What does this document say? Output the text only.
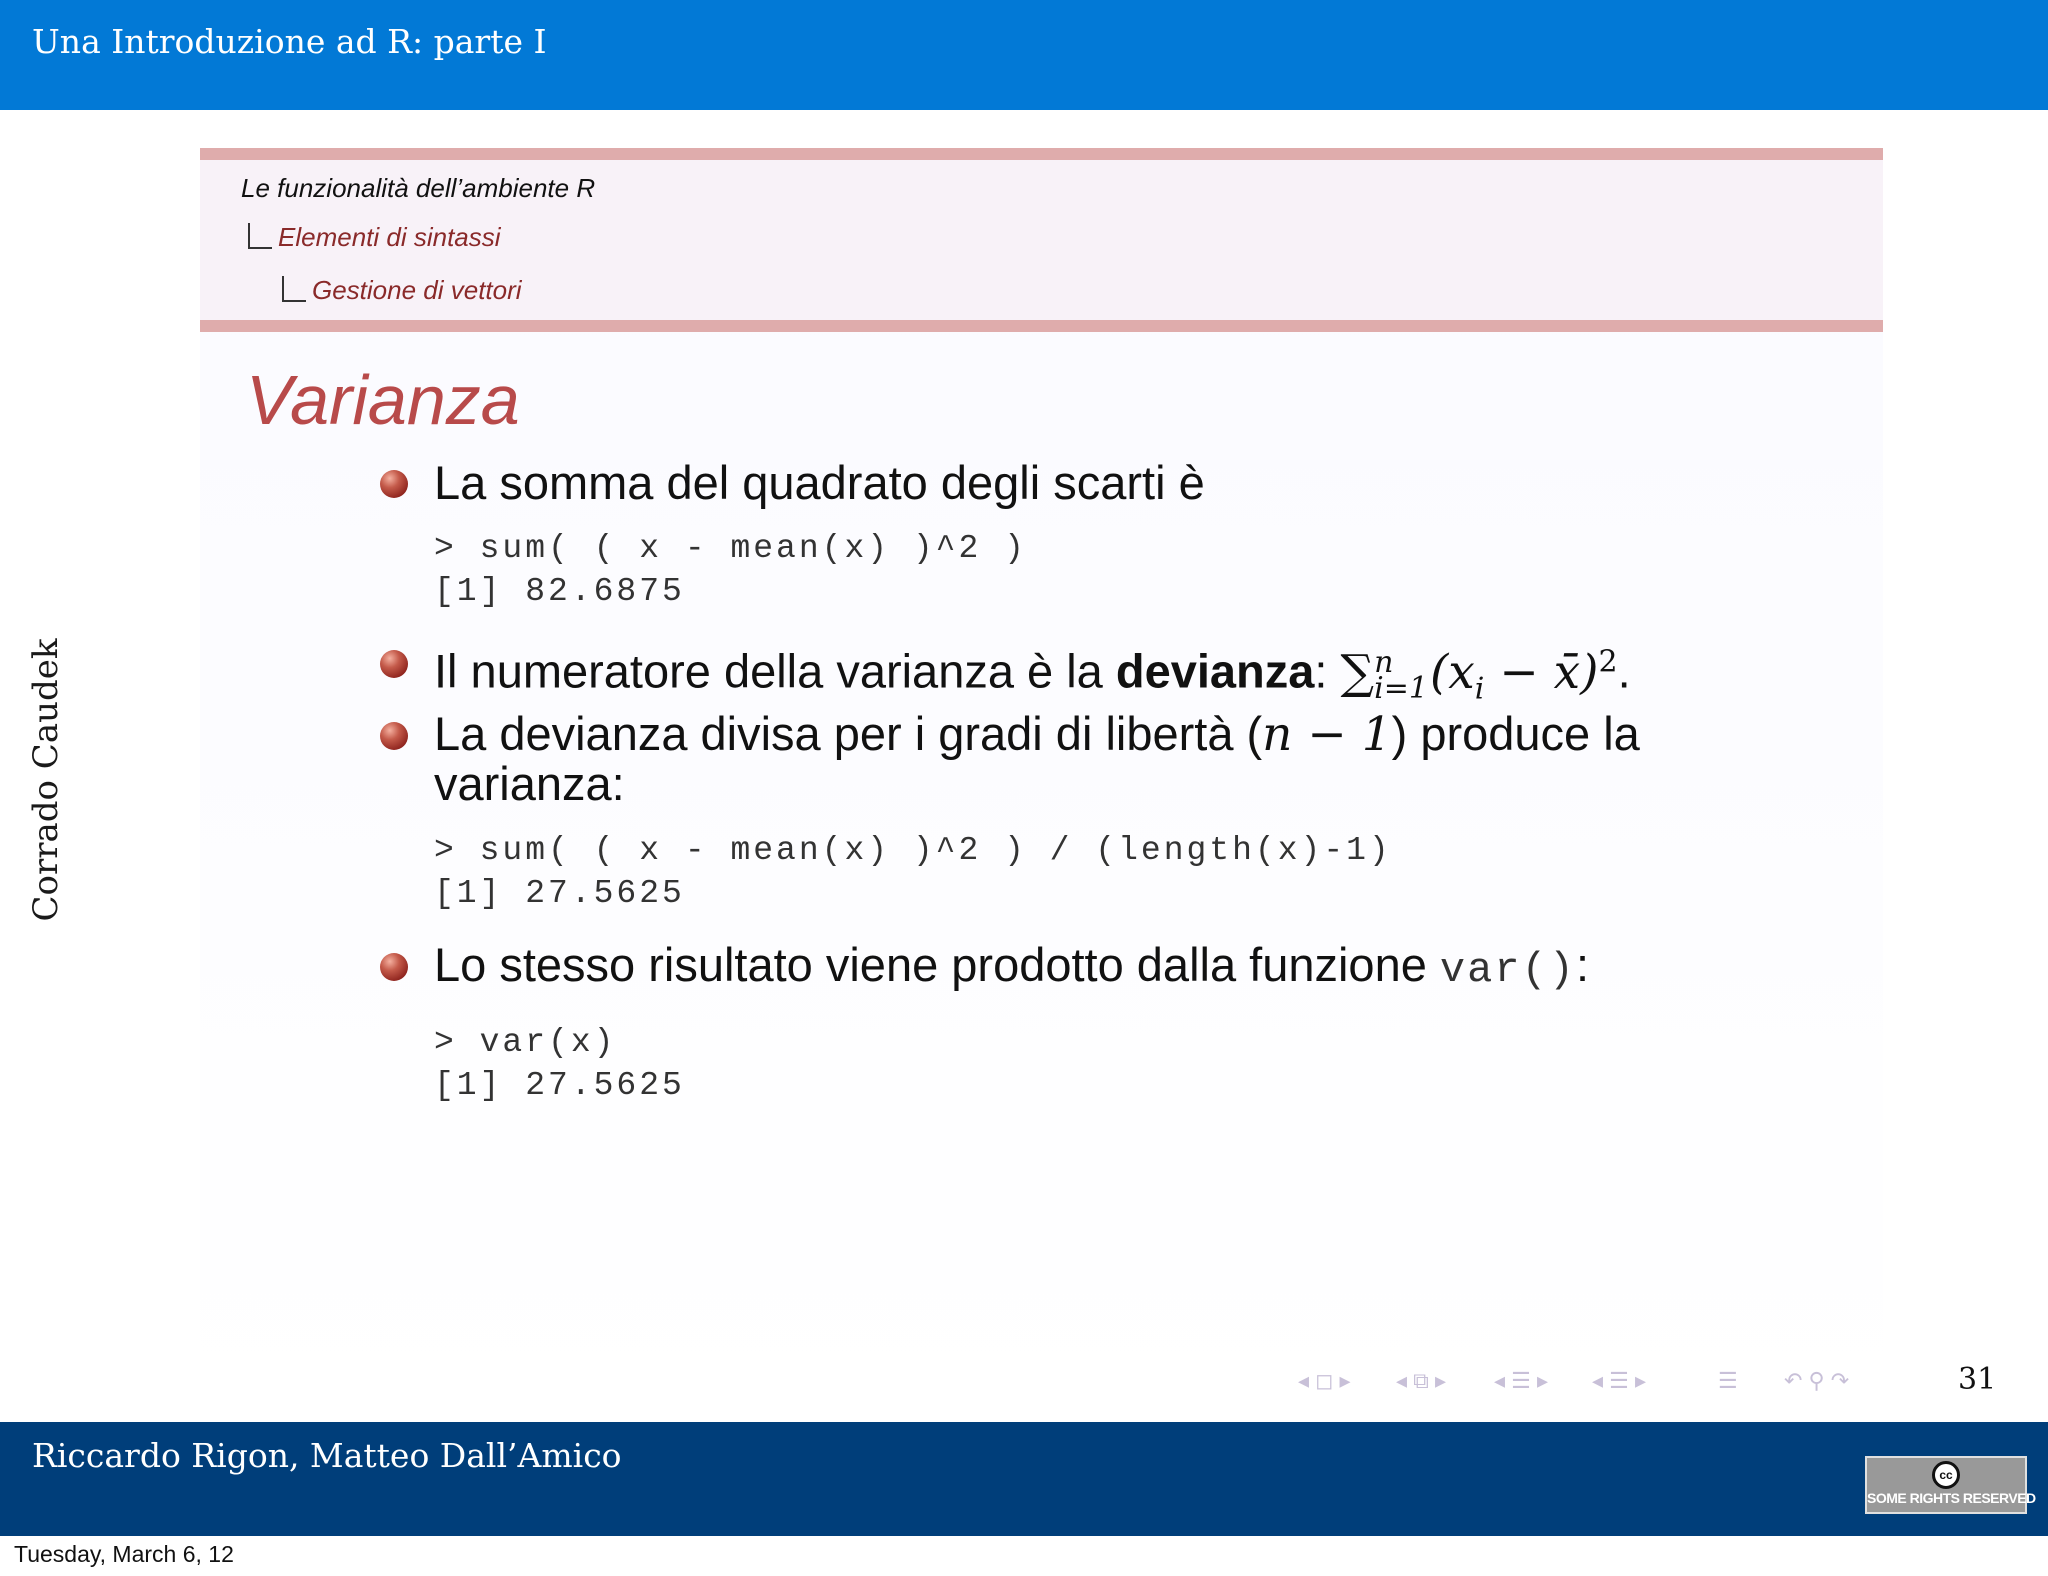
Una Introduzione ad R: parte I
Corrado Caudek
Le funzionalità dell’ambiente R
Elementi di sintassi
Gestione di vettori
Varianza
La somma del quadrato degli scarti è
> sum( ( x - mean(x) )^2 )
[1] 82.6875
Il numeratore della varianza è la devianza: ∑ n
i=1 ($x_i$ − x̄)$^2$.
La devianza divisa per i gradi di libertà (n − 1) produce la
varianza:
> sum( ( x - mean(x) )^2 ) / (length(x)-1)
[1] 27.5625
Lo stesso risultato viene prodotto dalla funzione var():
> var(x)
[1] 27.5625
◂ ◻ ▸ ◂ ⧉ ▸ ◂ ☰ ▸ ◂ ☰ ▸	☰ ↶ ⚲ ↷	31
Riccardo Rigon, Matteo Dall’Amico	cc
SOME RIGHTS RESERVED
Tuesday, March 6, 12
